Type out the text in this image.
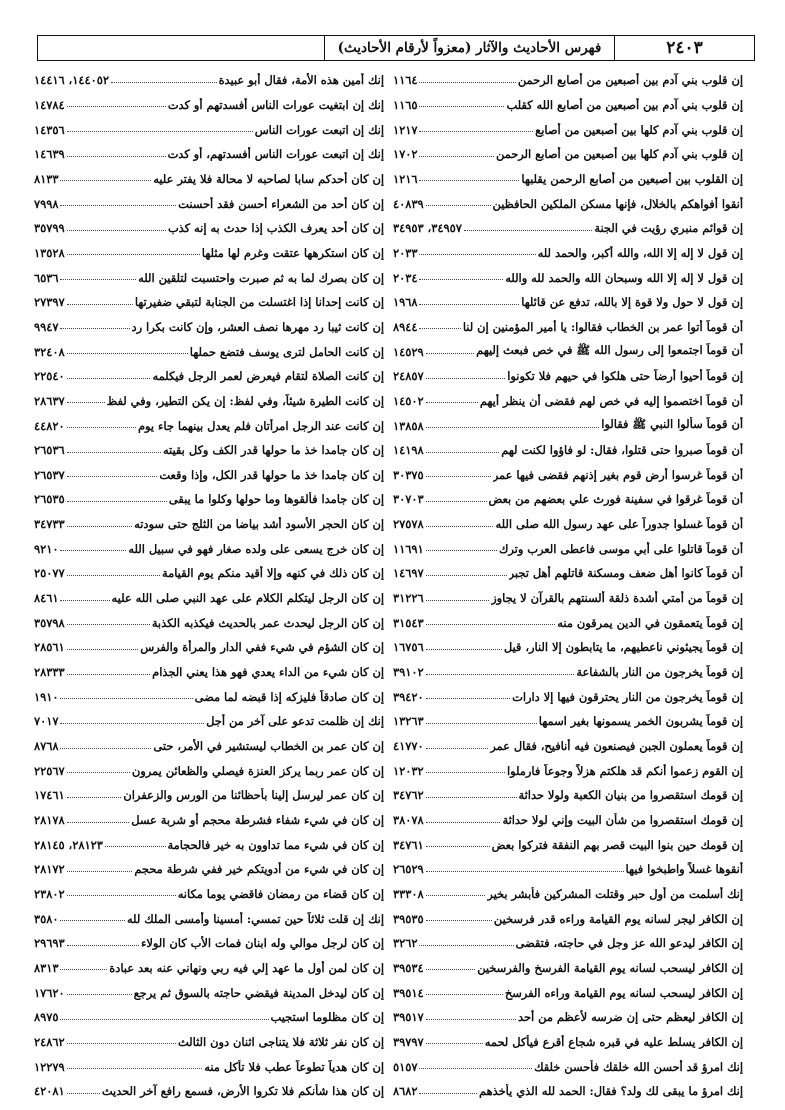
٢٤٠٣
فهرس الأحاديث والآثار (معزواً لأرقام الأحاديث)
إن قلوب بني آدم بين أصبعين من أصابع الرحمن
١١٦٤
إن قلوب بني آدم بين أصبعين من أصابع الله كقلب
١١٦٥
إن قلوب بني آدم كلها بين أصبعين من أصابع
١٢١٧
إن قلوب بني آدم كلها بين أصبعين من أصابع الرحمن
١٧٠٢
إن القلوب بين أصبعين من أصابع الرحمن يقلبها
١٢١٦
أنقوا أفواهكم بالخلال، فإنها مسكن الملكين الحافظين
٤٠٨٣٩
إن قوائم منبري رؤيت في الجنة
٣٤٩٥٧، ٣٤٩٥٣
إن قول لا إله إلا الله، والله أكبر، والحمد لله
٢٠٣٣
إن قول لا إله إلا الله وسبحان الله والحمد لله والله
٢٠٣٤
إن قول لا حول ولا قوة إلا بالله، تدفع عن قائلها
١٩٦٨
أن قوماً أتوا عمر بن الخطاب فقالوا: يا أمير المؤمنين إن لنا
٨٩٤٤
أن قوماً اجتمعوا إلى رسول الله ﷺ في خص فبعث إليهم
١٤٥٢٩
إن قوماً أحيوا أرضاً حتى هلكوا في حيهم فلا تكونوا
٢٤٨٥٧
أن قوماً اختصموا إليه في خص لهم فقضى أن ينظر أيهم
١٤٥٠٢
أن قوماً سألوا النبي ﷺ فقالوا
١٣٨٥٨
أن قوماً صبروا حتى قتلوا، فقال: لو فاؤوا لكنت لهم
١٤١٩٨
أن قوماً غرسوا أرض قوم بغير إذنهم فقضى فيها عمر
٣٠٣٧٥
أن قوماً غرقوا في سفينة فورث علي بعضهم من بعض
٣٠٧٠٣
أن قوماً غسلوا جدوراً على عهد رسول الله صلى الله
٢٧٥٧٨
أن قوماً قاتلوا على أبي موسى فاعطى العرب وترك
١١٦٩١
أن قوماً كانوا أهل ضعف ومسكنة قاتلهم أهل تجبر
١٤٦٩٧
إن قوماً من أمتي أشدة ذلقة ألسنتهم بالقرآن لا يجاوز
٣١٢٢٦
إن قوماً يتعمقون في الدين يمرقون منه
٣١٥٤٣
إن قوماً يجيئوني ناعطيهم، ما يتابطون إلا النار، قيل
١٦٧٥٦
إن قوماً يخرجون من النار بالشفاعة
٣٩١٠٢
إن قوماً يخرجون من النار يحترقون فيها إلا دارات
٣٩٤٢٠
إن قوماً يشربون الخمر يسمونها بغير اسمها
١٣٢٦٣
إن قوماً يعملون الجبن فيصنعون فيه أنافيح، فقال عمر
٤١٧٧٠
إن القوم زعموا أنكم قد هلكتم هزلاً وجوعاً فارملوا
١٢٠٣٢
إن قومك استقصروا من بنيان الكعبة ولولا حداثة
٣٤٧٦٢
إن قومك استقصروا من شأن البيت وإني لولا حداثة
٣٨٠٧٨
إن قومك حين بنوا البيت قصر بهم النفقة فتركوا بعض
٣٤٧٦١
أنقوها غسلاً واطبخوا فيها
٢٦٥٢٩
إنك أسلمت من أول حبر وقتلت المشركين فأبشر بخير
٣٣٣٠٨
إن الكافر ليجر لسانه يوم القيامة وراءه قدر فرسخين
٣٩٥٣٥
إن الكافر ليدعو الله عز وجل في حاجته، فتقضى
٣٢٦٢
إن الكافر ليسحب لسانه يوم القيامة الفرسخ والفرسخين
٣٩٥٣٤
إن الكافر ليسحب لسانه يوم القيامة وراءه الفرسخ
٣٩٥١٤
إن الكافر ليعظم حتى إن ضرسه لأعظم من أحد
٣٩٥١٧
إن الكافر يسلط عليه في قبره شجاع أقرع فيأكل لحمه
٣٩٧٩٧
إنك امرؤ قد أحسن الله خلقك فأحسن خلقك
٥١٥٧
إنك امرؤ ما يبقى لك ولد؟ فقال: الحمد لله الذي يأخذهم
٨٦٨٢
إنك أمين هذه الأمة، فقال أبو عبيدة
١٤٤٠٥٢، ١٤٤١٦
إنك إن ابتغيت عورات الناس أفسدتهم أو كدت
١٤٧٨٤
إنك إن اتبعت عورات الناس
١٤٣٥٦
إنك إن اتبعت عورات الناس أفسدتهم، أو كدت
١٤٦٣٩
إن كان أحدكم سابا لصاحبه لا محالة فلا يفتر عليه
٨١٣٣
إن كان أحد من الشعراء أحسن فقد أحسنت
٧٩٩٨
إن كان أحد يعرف الكذب إذا حدث به إنه كذب
٣٥٧٩٩
إن كان استكرهها عتقت وغرم لها مثلها
١٣٥٢٨
إن كان بصرك لما به ثم صبرت واحتسبت لتلقين الله
٦٥٣٦
إن كانت إحدانا إذا اغتسلت من الجنابة لتبقي ضفيرتها
٢٧٣٩٧
إن كانت ثيبا رد مهرها نصف العشر، وإن كانت بكرا رد
٩٩٤٧
إن كانت الحامل لترى يوسف فتضع حملها
٣٢٤٠٨
إن كانت الصلاة لتقام فيعرض لعمر الرجل فيكلمه
٢٢٥٤٠
إن كانت الطيرة شيئاً، وفي لفظ: إن يكن التطير، وفي لفظ
٢٨٦٣٧
إن كانت عند الرجل امرأتان فلم يعدل بينهما جاء يوم
٤٤٨٢٠
إن كان جامدا خذ ما حولها قدر الكف وكل بقيته
٢٦٥٣٦
إن كان جامدا خذ ما حولها قدر الكل، وإذا وقعت
٢٦٥٣٧
إن كان جامدا فألقوها وما حولها وكلوا ما يبقى
٢٦٥٣٥
إن كان الحجر الأسود أشد بياضا من الثلج حتى سودته
٣٤٧٣٣
إن كان خرج يسعى على ولده صغار فهو في سبيل الله
٩٢١٠
إن كان ذلك في كنهه وإلا أقيد منكم يوم القيامة
٢٥٠٧٧
إن كان الرجل ليتكلم الكلام على عهد النبي صلى الله عليه
٨٤٦١
إن كان الرجل ليحدث عمر بالحديث فيكذبه الكذبة
٣٥٧٩٨
إن كان الشؤم في شيء ففي الدار والمرأة والفرس
٢٨٥٦١
إن كان شيء من الداء يعدي فهو هذا يعني الجذام
٢٨٣٣٣
إن كان صادقاً فليزكه إذا قبضه لما مضى
١٩١٠
إنك إن ظلمت تدعو على آخر من أجل
٧٠١٧
إن كان عمر بن الخطاب ليستشير في الأمر، حتى
٨٧٦٨
إن كان عمر ربما يركز العنزة فيصلي والظعائن يمرون
٢٢٥٦٧
إن كان عمر ليرسل إلينا بأحظائنا من الورس والزعفران
١٧٤٦١
إن كان في شيء شفاء فشرطة محجم أو شربة عسل
٢٨١٧٨
إن كان في شيء مما تداوون به خير فالحجامة
٢٨١٢٣، ٢٨١٤٥
إن كان في شيء من أدويتكم خير ففي شرطة محجم
٢٨١٧٢
إن كان قضاء من رمضان فاقضي يوما مكانه
٢٣٨٠٢
إنك إن قلت ثلاثاً حين تمسي: أمسينا وأمسى الملك لله
٣٥٨٠
إن كان لرجل موالي وله ابنان فمات الأب كان الولاء
٢٩٦٩٣
إن كان لمن أول ما عهد إلي فيه ربي ونهاني عنه بعد عبادة
٨٣١٣
إن كان ليدخل المدينة فيقضي حاجته بالسوق ثم يرجع
١٧٦٢٠
إن كان مظلوما استجيب
٨٩٧٥
إن كان نفر ثلاثة فلا يتناجى اثنان دون الثالث
٢٤٨٦٢
إن كان هدياً تطوعاً عطب فلا تأكل منه
١٢٢٧٩
إن كان هذا شأنكم فلا تكروا الأرض، فسمع رافع آخر الحديث
٤٢٠٨١
